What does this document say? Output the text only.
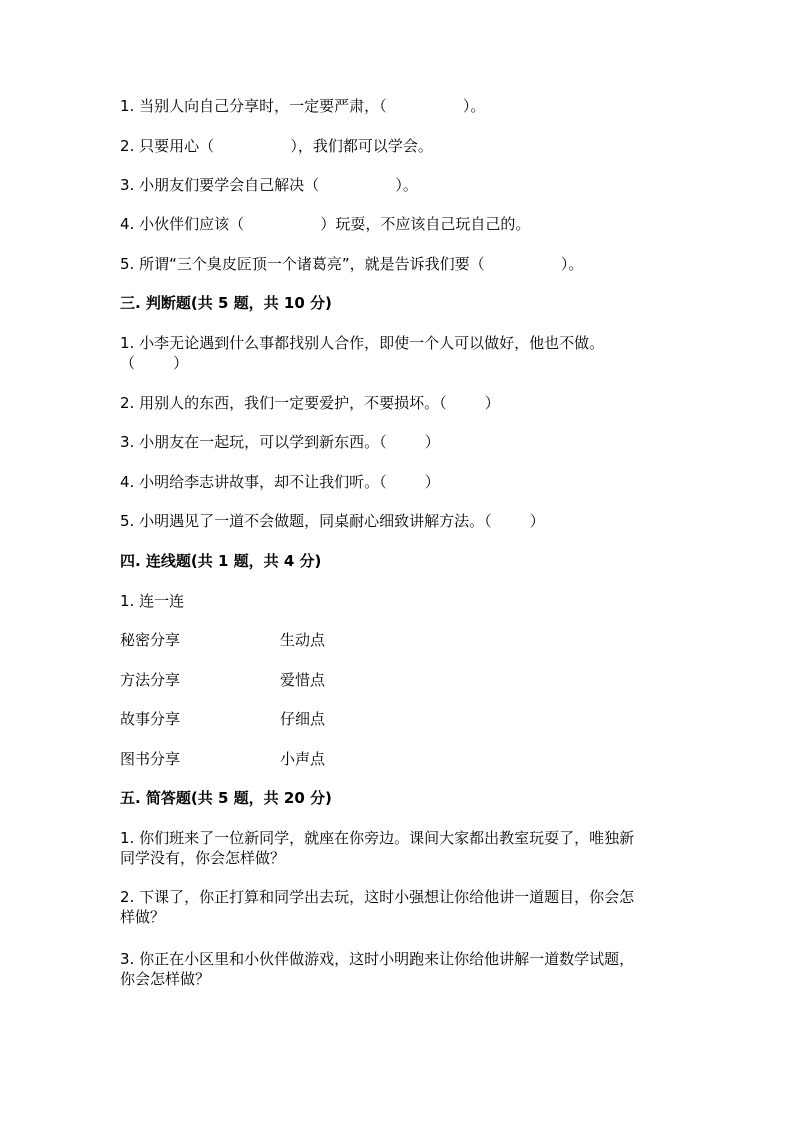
1. 当别人向自己分享时，一定要严肃，（                ）。
2. 只要用心（                ），我们都可以学会。
3. 小朋友们要学会自己解决（                ）。
4. 小伙伴们应该（                ）玩耍，不应该自己玩自己的。
5. 所谓“三个臭皮匠顶一个诸葛亮”，就是告诉我们要（                ）。
三. 判断题(共 5 题，共 10 分)
1. 小李无论遇到什么事都找别人合作，即使一个人可以做好，他也不做。
（        ）
2. 用别人的东西，我们一定要爱护，不要损坏。（        ）
3. 小朋友在一起玩，可以学到新东西。（        ）
4. 小明给李志讲故事，却不让我们听。（        ）
5. 小明遇见了一道不会做题，同桌耐心细致讲解方法。（        ）
四. 连线题(共 1 题，共 4 分)
1. 连一连
秘密分享	生动点
方法分享	爱惜点
故事分享	仔细点
图书分享	小声点
五. 简答题(共 5 题，共 20 分)
1. 你们班来了一位新同学，就座在你旁边。课间大家都出教室玩耍了，唯独新
同学没有，你会怎样做？
2. 下课了，你正打算和同学出去玩，这时小强想让你给他讲一道题目，你会怎
样做？
3. 你正在小区里和小伙伴做游戏，这时小明跑来让你给他讲解一道数学试题，
你会怎样做？
